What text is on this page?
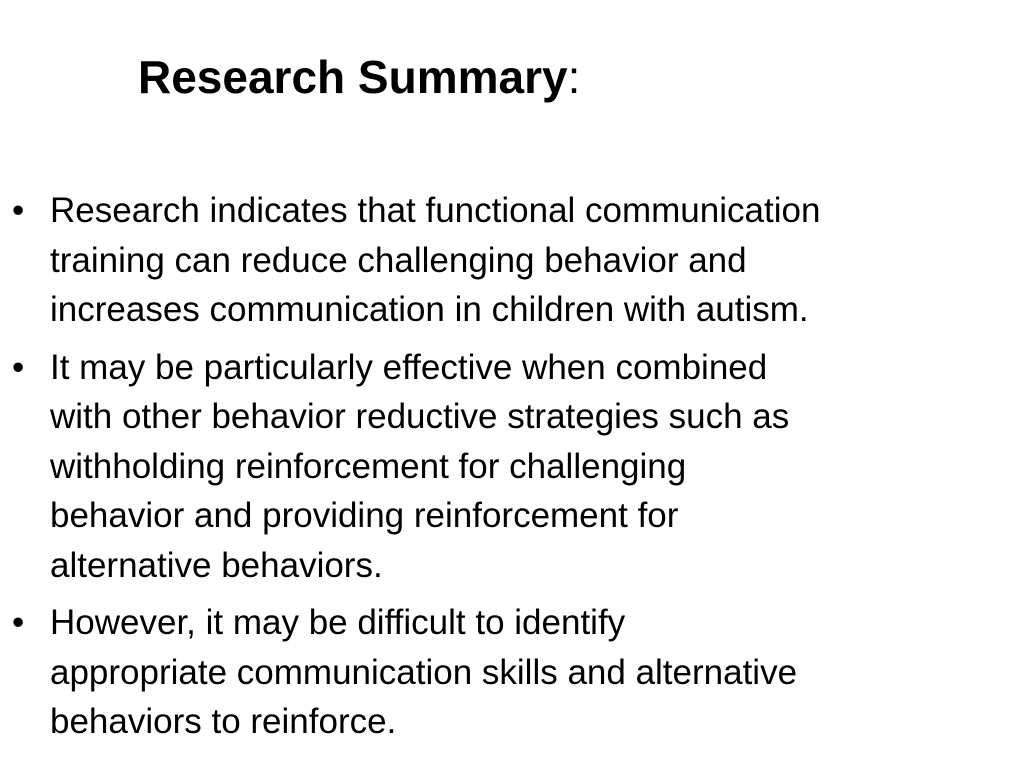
Research Summary:
• Research indicates that functional communication
training can reduce challenging behavior and
increases communication in children with autism.
• It may be particularly effective when combined
with other behavior reductive strategies such as
withholding reinforcement for challenging
behavior and providing reinforcement for
alternative behaviors.
• However, it may be difficult to identify
appropriate communication skills and alternative
behaviors to reinforce.
